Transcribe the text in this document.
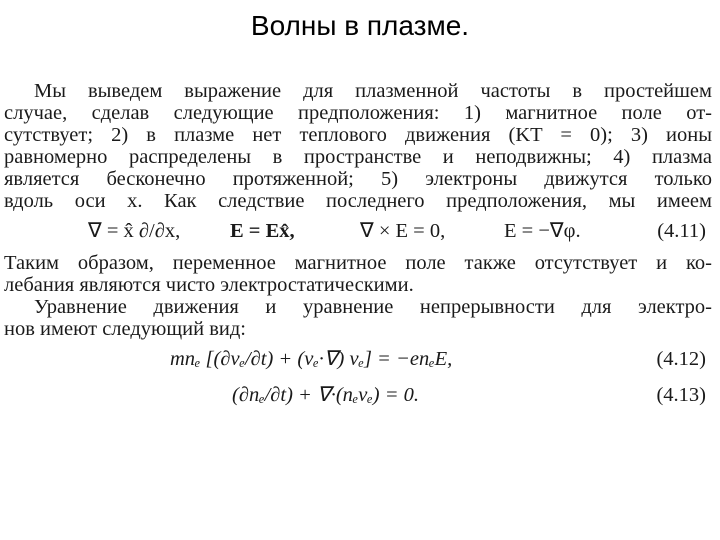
Волны в плазме.

Мы выведем выражение для плазменной частоты в простейшем

случае, сделав следующие предположения: 1) магнитное поле от-

сутствует; 2) в плазме нет теплового движения (KT = 0); 3) ионы

равномерно распределены в пространстве и неподвижны; 4) плазма

является бесконечно протяженной; 5) электроны движутся только

вдоль оси x. Как следствие последнего предположения, мы имеем

∇ = x̂ ∂/∂x, E = Ex̂,	∇ × E = 0,	E = −∇φ.	(4.11)

Таким образом, переменное магнитное поле также отсутствует и ко-

лебания являются чисто электростатическими.

Уравнение движения и уравнение непрерывности для электро-

нов имеют следующий вид:

mnₑ [(∂vₑ/∂t) + (vₑ·∇) vₑ] = −enₑE,	(4.12)
(∂nₑ/∂t) + ∇·(nₑvₑ) = 0.	(4.13)
